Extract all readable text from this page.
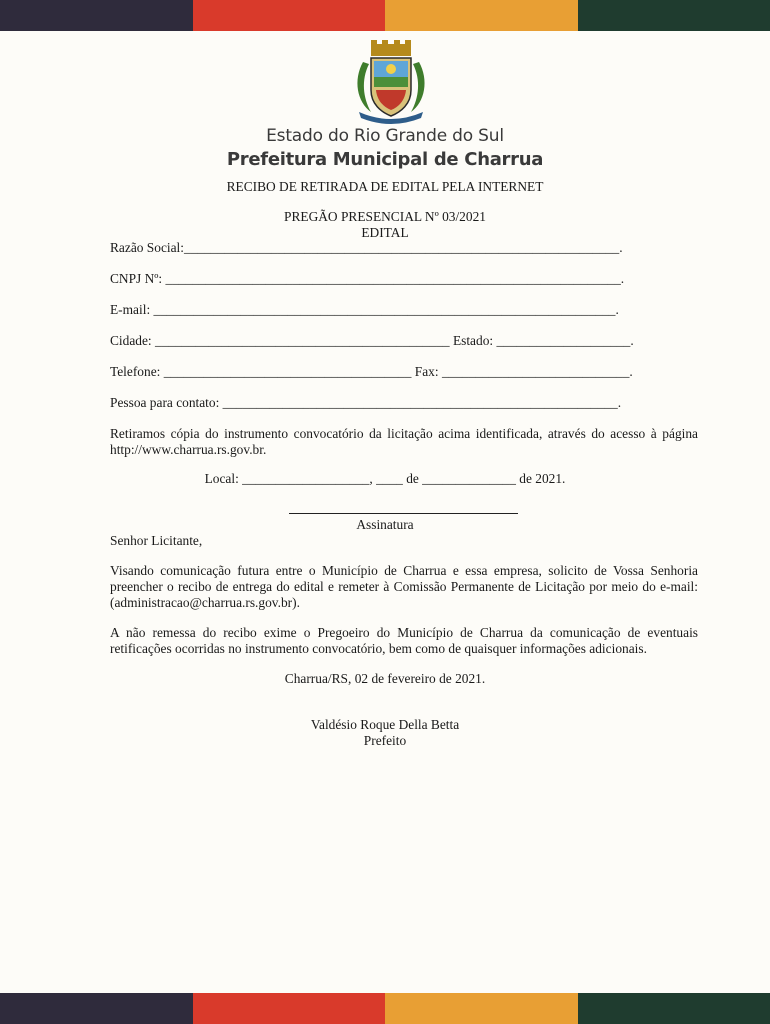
Estado do Rio Grande do Sul
Prefeitura Municipal de Charrua
RECIBO DE RETIRADA DE EDITAL PELA INTERNET
PREGÃO PRESENCIAL Nº 03/2021
EDITAL
Razão Social:_________________________________________________________________.
CNPJ Nº: ____________________________________________________________________.
E-mail: _____________________________________________________________________.
Cidade: ____________________________________________ Estado: ____________________.
Telefone: _____________________________________ Fax: ____________________________.
Pessoa para contato: ___________________________________________________________.
Retiramos cópia do instrumento convocatório da licitação acima identificada, através do acesso à página http://www.charrua.rs.gov.br.
Local: ___________________, ____ de ______________ de 2021.
Assinatura
Senhor Licitante,
Visando comunicação futura entre o Município de Charrua e essa empresa, solicito de Vossa Senhoria preencher o recibo de entrega do edital e remeter à Comissão Permanente de Licitação por meio do e-mail:(administracao@charrua.rs.gov.br).
A não remessa do recibo exime o Pregoeiro do Município de Charrua da comunicação de eventuais retificações ocorridas no instrumento convocatório, bem como de quaisquer informações adicionais.
Charrua/RS, 02 de fevereiro de 2021.
Valdésio Roque Della Betta
Prefeito
